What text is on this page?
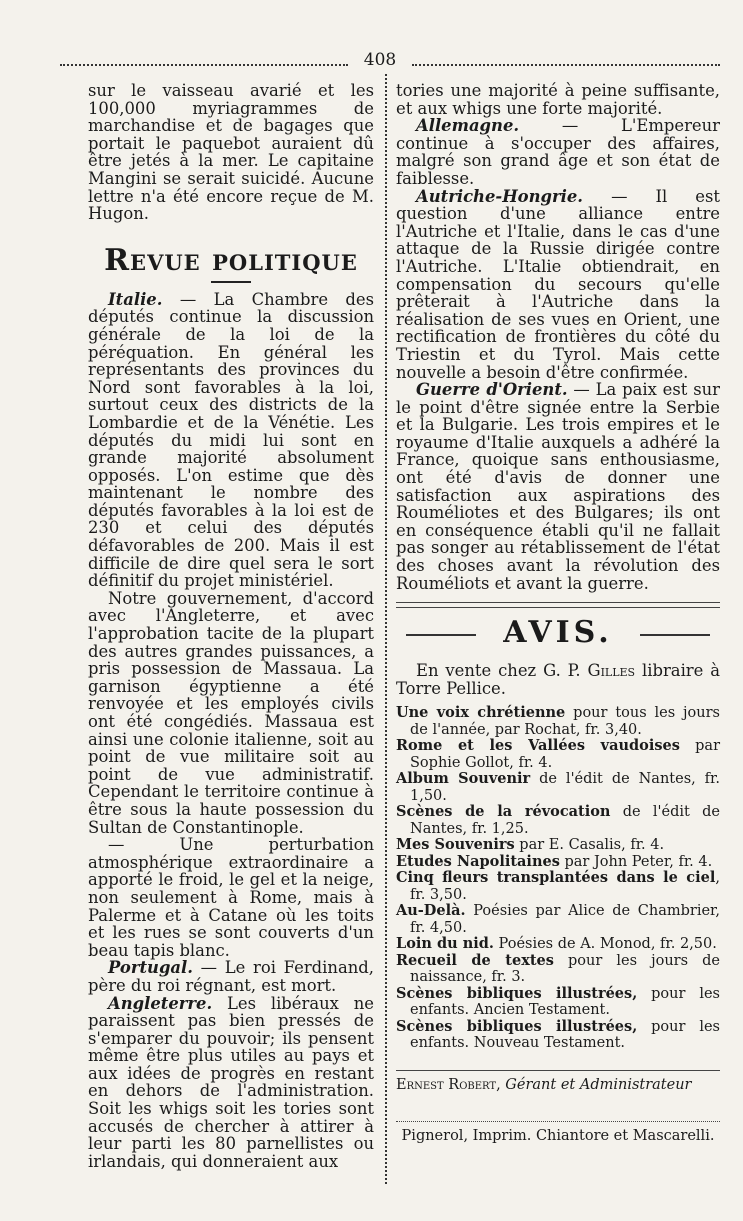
408

sur le vaisseau avarié et les 100,000 myriagrammes de marchandise et de bagages que portait le paquebot auraient dû être jetés à la mer. Le capitaine Mangini se serait suicidé. Aucune lettre n'a été encore reçue de M. Hugon.

Revue politique

Italie. — La Chambre des députés continue la discussion générale de la loi de la péréquation. En général les représentants des provinces du Nord sont favorables à la loi, surtout ceux des districts de la Lombardie et de la Vénétie. Les députés du midi lui sont en grande majorité absolument opposés. L'on estime que dès maintenant le nombre des députés favorables à la loi est de 230 et celui des députés défavorables de 200. Mais il est difficile de dire quel sera le sort définitif du projet ministériel.

Notre gouvernement, d'accord avec l'Angleterre, et avec l'approbation tacite de la plupart des autres grandes puissances, a pris possession de Massaua. La garnison égyptienne a été renvoyée et les employés civils ont été congédiés. Massaua est ainsi une colonie italienne, soit au point de vue militaire soit au point de vue administratif. Cependant le territoire continue à être sous la haute possession du Sultan de Constantinople.

— Une perturbation atmosphérique extraordinaire a apporté le froid, le gel et la neige, non seulement à Rome, mais à Palerme et à Catane où les toits et les rues se sont couverts d'un beau tapis blanc.

Portugal. — Le roi Ferdinand, père du roi régnant, est mort.

Angleterre. Les libéraux ne paraissent pas bien pressés de s'emparer du pouvoir; ils pensent même être plus utiles au pays et aux idées de progrès en restant en dehors de l'administration. Soit les whigs soit les tories sont accusés de chercher à attirer à leur parti les 80 parnellistes ou irlandais, qui donneraient aux

tories une majorité à peine suffisante, et aux whigs une forte majorité.

Allemagne. — L'Empereur continue à s'occuper des affaires, malgré son grand âge et son état de faiblesse.

Autriche-Hongrie. — Il est question d'une alliance entre l'Autriche et l'Italie, dans le cas d'une attaque de la Russie dirigée contre l'Autriche. L'Italie obtiendrait, en compensation du secours qu'elle prêterait à l'Autriche dans la réalisation de ses vues en Orient, une rectification de frontières du côté du Triestin et du Tyrol. Mais cette nouvelle a besoin d'être confirmée.

Guerre d'Orient. — La paix est sur le point d'être signée entre la Serbie et la Bulgarie. Les trois empires et le royaume d'Italie auxquels a adhéré la France, quoique sans enthousiasme, ont été d'avis de donner une satisfaction aux aspirations des Rouméliotes et des Bulgares; ils ont en conséquence établi qu'il ne fallait pas songer au rétablissement de l'état des choses avant la révolution des Rouméliots et avant la guerre.

AVIS.

En vente chez G. P. Gilles libraire à Torre Pellice.

Une voix chrétienne pour tous les jours de l'année, par Rochat, fr. 3,40.

Rome et les Vallées vaudoises par Sophie Gollot, fr. 4.

Album Souvenir de l'édit de Nantes, fr. 1,50.

Scènes de la révocation de l'édit de Nantes, fr. 1,25.

Mes Souvenirs par E. Casalis, fr. 4.

Etudes Napolitaines par John Peter, fr. 4.

Cinq fleurs transplantées dans le ciel, fr. 3,50.

Au-Delà. Poésies par Alice de Chambrier, fr. 4,50.

Loin du nid. Poésies de A. Monod, fr. 2,50.

Recueil de textes pour les jours de naissance, fr. 3.

Scènes bibliques illustrées, pour les enfants. Ancien Testament.

Scènes bibliques illustrées, pour les enfants. Nouveau Testament.

Ernest Robert, Gérant et Administrateur
Pignerol, Imprim. Chiantore et Mascarelli.
